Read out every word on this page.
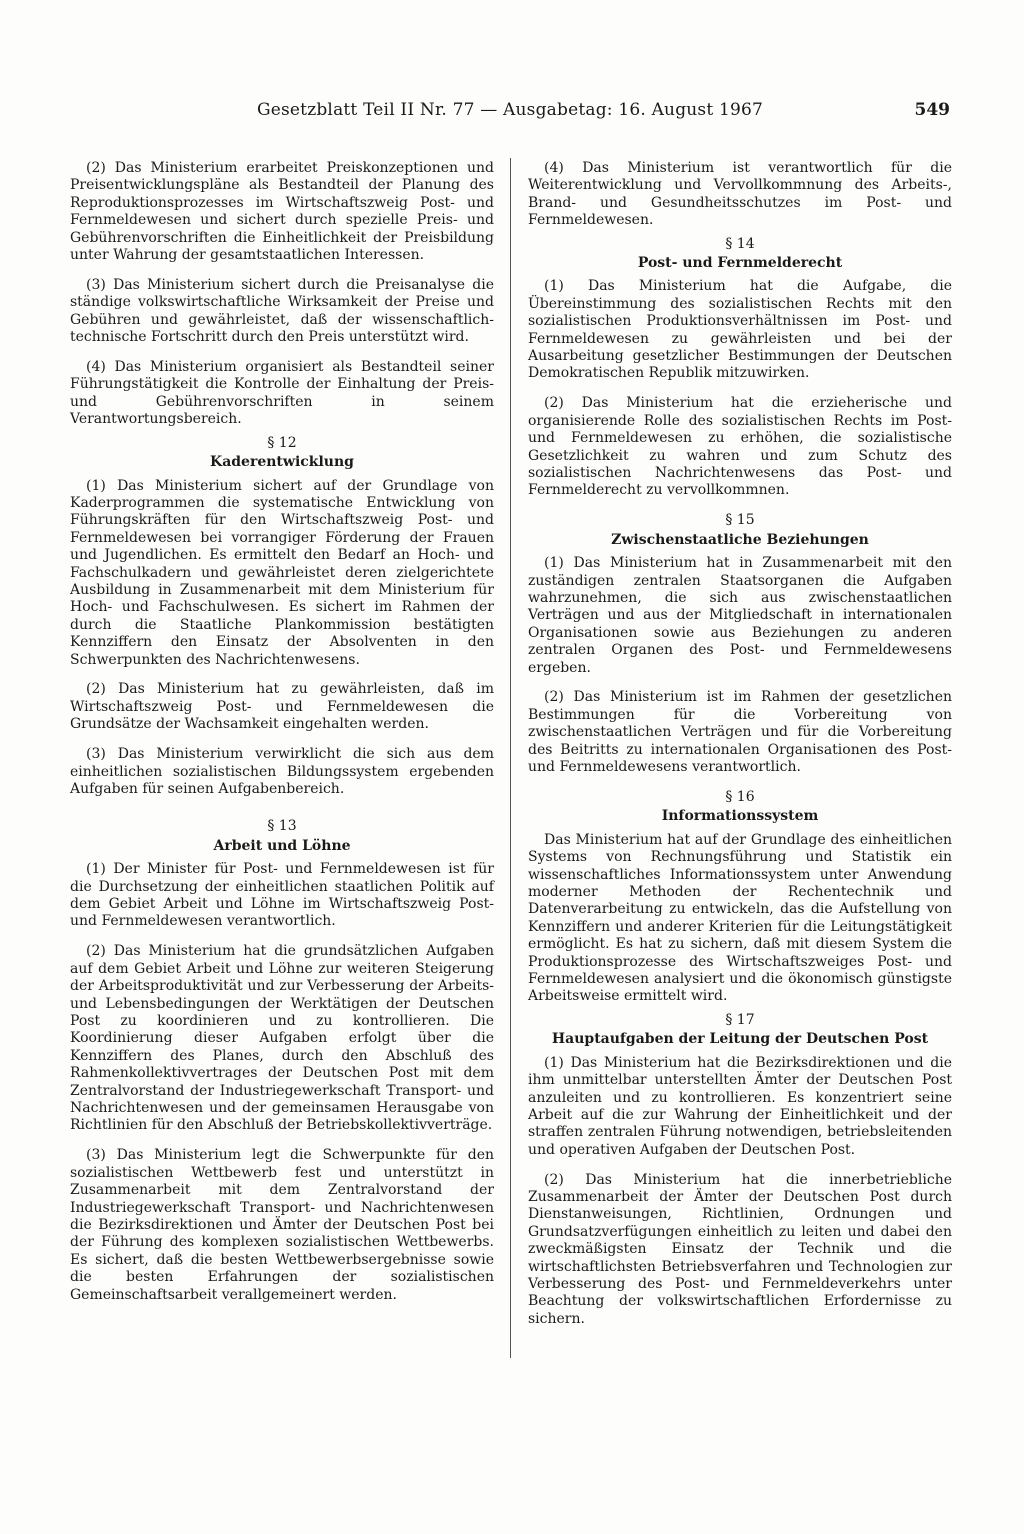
Gesetzblatt Teil II Nr. 77 — Ausgabetag: 16. August 1967	549

(2) Das Ministerium erarbeitet Preiskonzeptionen und Preisentwicklungspläne als Bestandteil der Planung des Reproduktionsprozesses im Wirtschaftszweig Post- und Fernmeldewesen und sichert durch spezielle Preis- und Gebührenvorschriften die Einheitlichkeit der Preisbildung unter Wahrung der gesamtstaatlichen Interessen.

(3) Das Ministerium sichert durch die Preisanalyse die ständige volkswirtschaftliche Wirksamkeit der Preise und Gebühren und gewährleistet, daß der wissenschaftlich-technische Fortschritt durch den Preis unterstützt wird.

(4) Das Ministerium organisiert als Bestandteil seiner Führungstätigkeit die Kontrolle der Einhaltung der Preis- und Gebührenvorschriften in seinem Verantwortungsbereich.

§ 12
Kaderentwicklung

(1) Das Ministerium sichert auf der Grundlage von Kaderprogrammen die systematische Entwicklung von Führungskräften für den Wirtschaftszweig Post- und Fernmeldewesen bei vorrangiger Förderung der Frauen und Jugendlichen. Es ermittelt den Bedarf an Hoch- und Fachschulkadern und gewährleistet deren zielgerichtete Ausbildung in Zusammenarbeit mit dem Ministerium für Hoch- und Fachschulwesen. Es sichert im Rahmen der durch die Staatliche Plankommission bestätigten Kennziffern den Einsatz der Absolventen in den Schwerpunkten des Nachrichtenwesens.

(2) Das Ministerium hat zu gewährleisten, daß im Wirtschaftszweig Post- und Fernmeldewesen die Grundsätze der Wachsamkeit eingehalten werden.

(3) Das Ministerium verwirklicht die sich aus dem einheitlichen sozialistischen Bildungssystem ergebenden Aufgaben für seinen Aufgabenbereich.

§ 13
Arbeit und Löhne

(1) Der Minister für Post- und Fernmeldewesen ist für die Durchsetzung der einheitlichen staatlichen Politik auf dem Gebiet Arbeit und Löhne im Wirtschaftszweig Post- und Fernmeldewesen verantwortlich.

(2) Das Ministerium hat die grundsätzlichen Aufgaben auf dem Gebiet Arbeit und Löhne zur weiteren Steigerung der Arbeitsproduktivität und zur Verbesserung der Arbeits- und Lebensbedingungen der Werktätigen der Deutschen Post zu koordinieren und zu kontrollieren. Die Koordinierung dieser Aufgaben erfolgt über die Kennziffern des Planes, durch den Abschluß des Rahmenkollektivvertrages der Deutschen Post mit dem Zentralvorstand der Industriegewerkschaft Transport- und Nachrichtenwesen und der gemeinsamen Herausgabe von Richtlinien für den Abschluß der Betriebskollektivverträge.

(3) Das Ministerium legt die Schwerpunkte für den sozialistischen Wettbewerb fest und unterstützt in Zusammenarbeit mit dem Zentralvorstand der Industriegewerkschaft Transport- und Nachrichtenwesen die Bezirksdirektionen und Ämter der Deutschen Post bei der Führung des komplexen sozialistischen Wettbewerbs. Es sichert, daß die besten Wettbewerbsergebnisse sowie die besten Erfahrungen der sozialistischen Gemeinschaftsarbeit verallgemeinert werden.

(4) Das Ministerium ist verantwortlich für die Weiterentwicklung und Vervollkommnung des Arbeits-, Brand- und Gesundheitsschutzes im Post- und Fernmeldewesen.

§ 14
Post- und Fernmelderecht

(1) Das Ministerium hat die Aufgabe, die Übereinstimmung des sozialistischen Rechts mit den sozialistischen Produktionsverhältnissen im Post- und Fernmeldewesen zu gewährleisten und bei der Ausarbeitung gesetzlicher Bestimmungen der Deutschen Demokratischen Republik mitzuwirken.

(2) Das Ministerium hat die erzieherische und organisierende Rolle des sozialistischen Rechts im Post- und Fernmeldewesen zu erhöhen, die sozialistische Gesetzlichkeit zu wahren und zum Schutz des sozialistischen Nachrichtenwesens das Post- und Fernmelderecht zu vervollkommnen.

§ 15
Zwischenstaatliche Beziehungen

(1) Das Ministerium hat in Zusammenarbeit mit den zuständigen zentralen Staatsorganen die Aufgaben wahrzunehmen, die sich aus zwischenstaatlichen Verträgen und aus der Mitgliedschaft in internationalen Organisationen sowie aus Beziehungen zu anderen zentralen Organen des Post- und Fernmeldewesens ergeben.

(2) Das Ministerium ist im Rahmen der gesetzlichen Bestimmungen für die Vorbereitung von zwischenstaatlichen Verträgen und für die Vorbereitung des Beitritts zu internationalen Organisationen des Post- und Fernmeldewesens verantwortlich.

§ 16
Informationssystem

Das Ministerium hat auf der Grundlage des einheitlichen Systems von Rechnungsführung und Statistik ein wissenschaftliches Informationssystem unter Anwendung moderner Methoden der Rechentechnik und Datenverarbeitung zu entwickeln, das die Aufstellung von Kennziffern und anderer Kriterien für die Leitungstätigkeit ermöglicht. Es hat zu sichern, daß mit diesem System die Produktionsprozesse des Wirtschaftszweiges Post- und Fernmeldewesen analysiert und die ökonomisch günstigste Arbeitsweise ermittelt wird.

§ 17
Hauptaufgaben der Leitung der Deutschen Post

(1) Das Ministerium hat die Bezirksdirektionen und die ihm unmittelbar unterstellten Ämter der Deutschen Post anzuleiten und zu kontrollieren. Es konzentriert seine Arbeit auf die zur Wahrung der Einheitlichkeit und der straffen zentralen Führung notwendigen, betriebsleitenden und operativen Aufgaben der Deutschen Post.

(2) Das Ministerium hat die innerbetriebliche Zusammenarbeit der Ämter der Deutschen Post durch Dienstanweisungen, Richtlinien, Ordnungen und Grundsatzverfügungen einheitlich zu leiten und dabei den zweckmäßigsten Einsatz der Technik und die wirtschaftlichsten Betriebsverfahren und Technologien zur Verbesserung des Post- und Fernmeldeverkehrs unter Beachtung der volkswirtschaftlichen Erfordernisse zu sichern.
